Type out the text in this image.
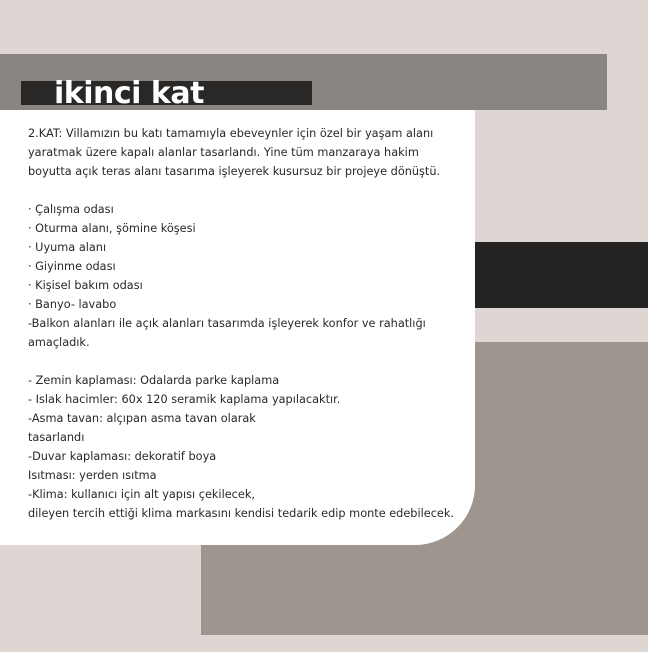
ikinci kat
2.KAT: Villamızın bu katı tamamıyla ebeveynler için özel bir yaşam alanı
yaratmak üzere kapalı alanlar tasarlandı. Yine tüm manzaraya hakim
boyutta açık teras alanı tasarıma işleyerek kusursuz bir projeye dönüştü.
· Çalışma odası
· Oturma alanı, şömine köşesi
· Uyuma alanı
· Giyinme odası
· Kişisel bakım odası
· Banyo- lavabo
-Balkon alanları ile açık alanları tasarımda işleyerek konfor ve rahatlığı
amaçladık.
- Zemin kaplaması: Odalarda parke kaplama
- Islak hacimler: 60x 120 seramik kaplama yapılacaktır.
-Asma tavan: alçıpan asma tavan olarak
tasarlandı
-Duvar kaplaması: dekoratif boya
Isıtması: yerden ısıtma
-Klima: kullanıcı için alt yapısı çekilecek,
dileyen tercih ettiği klima markasını kendisi tedarik edip monte edebilecek.
